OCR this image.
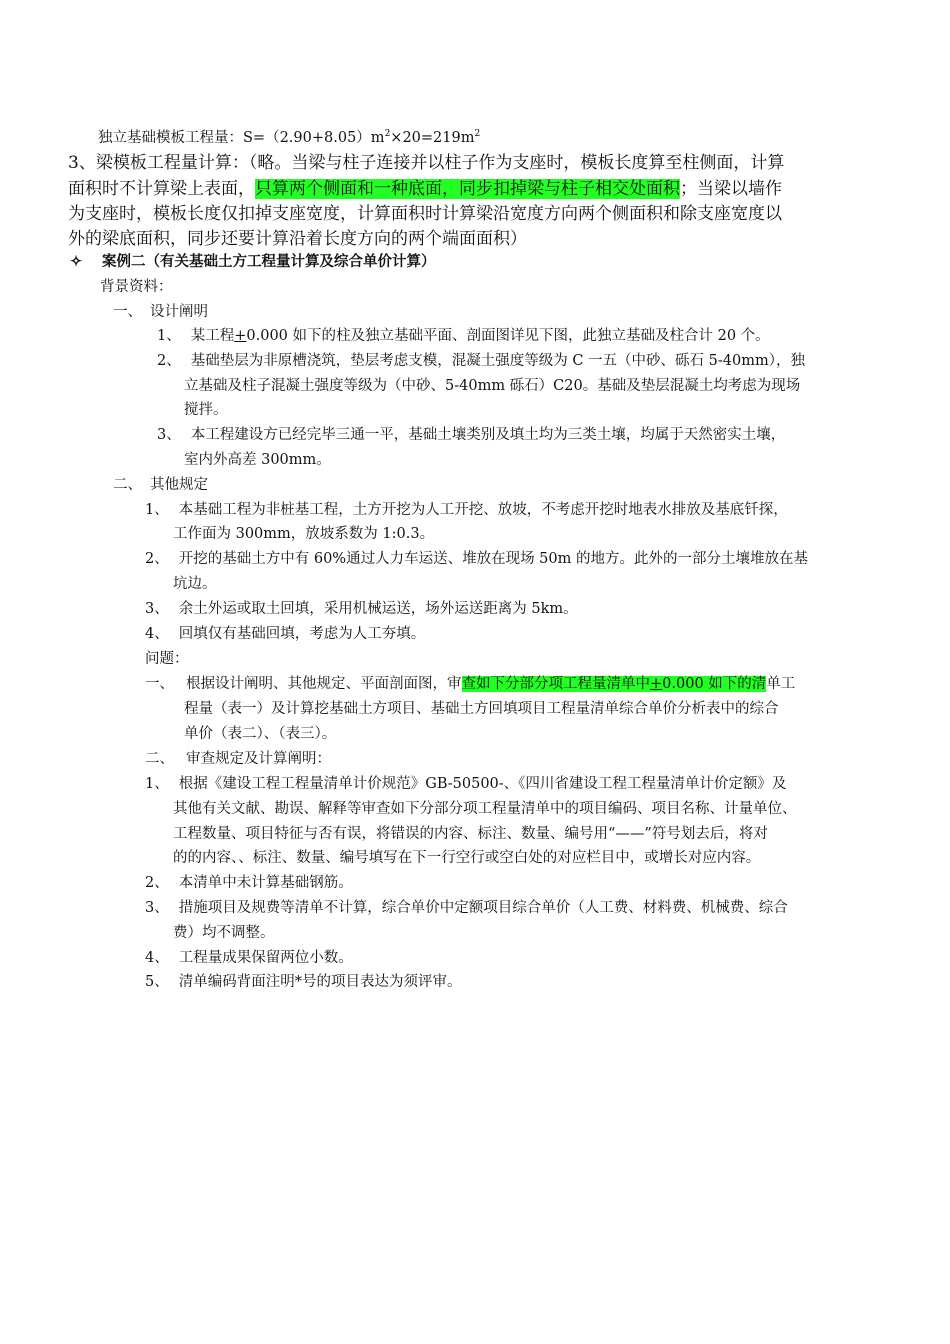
独立基础模板工程量：$S=(2.90+8.05)m^2\times 20=219m^2$
3、梁模板工程量计算：（略。当梁与柱子连接并以柱子作为支座时，模板长度算至柱侧面，计算
面积时不计算梁上表面，只算两个侧面和一种底面，同步扣掉梁与柱子相交处面积；当梁以墙作
为支座时，模板长度仅扣掉支座宽度，计算面积时计算梁沿宽度方向两个侧面积和除支座宽度以
外的梁底面积，同步还要计算沿着长度方向的两个端面面积）
✧ 案例二（有关基础土方工程量计算及综合单价计算）
背景资料：
一、 设计阐明
1、 某工程+0.000 如下的柱及独立基础平面、剖面图详见下图，此独立基础及柱合计 20 个。
2、 基础垫层为非原槽浇筑，垫层考虑支模，混凝土强度等级为 C 一五（中砂、砾石 5-40mm），独
立基础及柱子混凝土强度等级为（中砂、5-40mm 砾石）C20。基础及垫层混凝土均考虑为现场
搅拌。
3、 本工程建设方已经完毕三通一平，基础土壤类别及填土均为三类土壤，均属于天然密实土壤，
室内外高差 300mm。
二、 其他规定
1、 本基础工程为非桩基工程，土方开挖为人工开挖、放坡，不考虑开挖时地表水排放及基底钎探，
工作面为 300mm，放坡系数为 1:0.3。
2、 开挖的基础土方中有 60%通过人力车运送、堆放在现场 50m 的地方。此外的一部分土壤堆放在基
坑边。
3、 余土外运或取土回填，采用机械运送，场外运送距离为 5km。
4、 回填仅有基础回填，考虑为人工夯填。
问题：
一、 根据设计阐明、其他规定、平面剖面图，审查如下分部分项工程量清单中+0.000 如下的清单工
程量（表一）及计算挖基础土方项目、基础土方回填项目工程量清单综合单价分析表中的综合
单价（表二）、（表三）。
二、 审查规定及计算阐明：
1、 根据《建设工程工程量清单计价规范》GB-50500-、《四川省建设工程工程量清单计价定额》及
其他有关文献、勘误、解释等审查如下分部分项工程量清单中的项目编码、项目名称、计量单位、
工程数量、项目特征与否有误，将错误的内容、标注、数量、编号用“——”符号划去后，将对
的的内容、、标注、数量、编号填写在下一行空行或空白处的对应栏目中，或增长对应内容。
2、 本清单中未计算基础钢筋。
3、 措施项目及规费等清单不计算，综合单价中定额项目综合单价（人工费、材料费、机械费、综合
费）均不调整。
4、 工程量成果保留两位小数。
5、 清单编码背面注明*号的项目表达为须评审。
